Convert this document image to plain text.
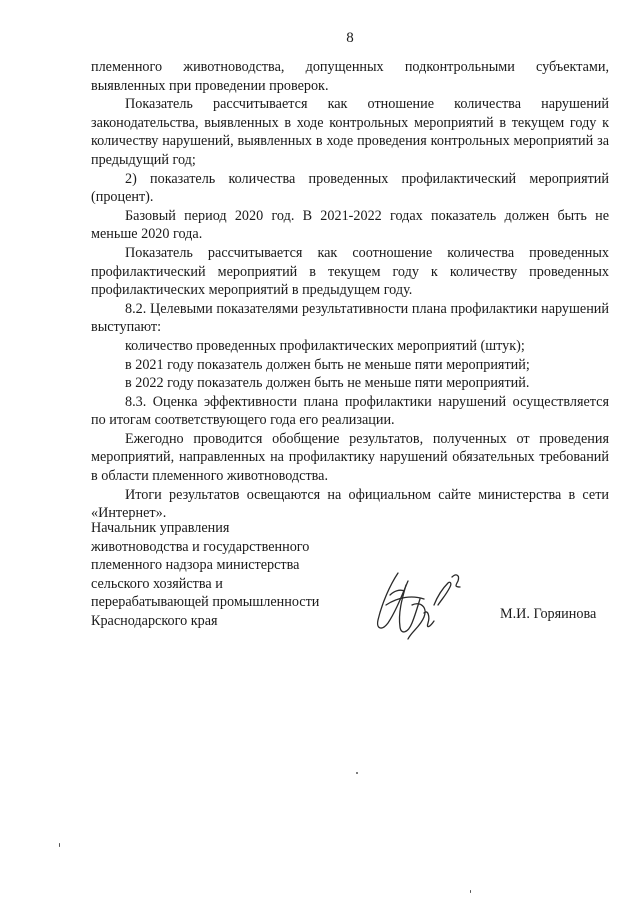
8

племенного животноводства, допущенных подконтрольными субъектами, выявленных при проведении проверок.

Показатель рассчитывается как отношение количества нарушений законодательства, выявленных в ходе контрольных мероприятий в текущем году к количеству нарушений, выявленных в ходе проведения контрольных мероприятий за предыдущий год;

2) показатель количества проведенных профилактический мероприятий (процент).

Базовый период 2020 год. В 2021-2022 годах показатель должен быть не меньше 2020 года.

Показатель рассчитывается как соотношение количества проведенных профилактический мероприятий в текущем году к количеству проведенных профилактических мероприятий в предыдущем году.

8.2. Целевыми показателями результативности плана профилактики нарушений выступают:

количество проведенных профилактических мероприятий (штук);

в 2021 году показатель должен быть не меньше пяти мероприятий;

в 2022 году показатель должен быть не меньше пяти мероприятий.

8.3. Оценка эффективности плана профилактики нарушений осуществляется по итогам соответствующего года его реализации.

Ежегодно проводится обобщение результатов, полученных от проведения мероприятий, направленных на профилактику нарушений обязательных требований в области племенного животноводства.

Итоги результатов освещаются на официальном сайте министерства в сети «Интернет».

Начальник управления
животноводства и государственного
племенного надзора министерства
сельского хозяйства и
перерабатывающей промышленности
Краснодарского края	М.И. Горяинова
